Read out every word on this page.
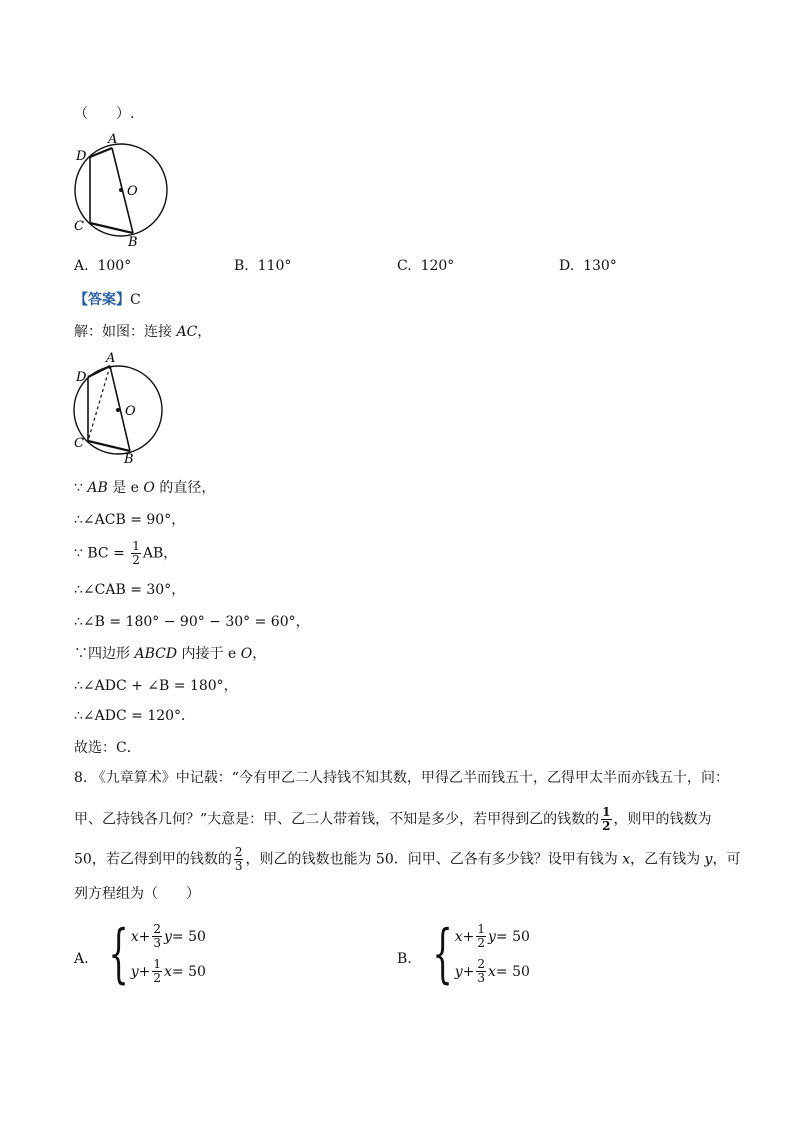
（　　）.
A
D
O
C
B
A. 100°	B. 110°	C. 120°	D. 130°
【答案】C
解：如图：连接 AC，
A
D
O
C
B
∵ AB 是 e O 的直径，
∴∠ACB = 90°，
∵ BC = $\frac{1}{2}$ AB，
∴∠CAB = 30°，
∴∠B = 180° − 90° − 30° = 60°，
∵四边形 ABCD 内接于 e O，
∴∠ADC + ∠B = 180°，
∴∠ADC = 120°．
故选：C．
8. 《九章算术》中记载：“今有甲乙二人持钱不知其数，甲得乙半而钱五十，乙得甲太半而亦钱五十，问：
甲、乙持钱各几何？”大意是：甲、乙二人带着钱，不知是多少，若甲得到乙的钱数的 $\frac{1}{2}$ ，则甲的钱数为
50，若乙得到甲的钱数的 $\frac{2}{3}$ ，则乙的钱数也能为 50．问甲、乙各有多少钱？设甲有钱为 x，乙有钱为 y，可
列方程组为（　　）
A. { $x + \frac{2}{3}$ y = 50
$y + \frac{1}{2}$ x = 50
B. { $x + \frac{1}{2}$ y = 50
$y + \frac{2}{3}$ x = 50
